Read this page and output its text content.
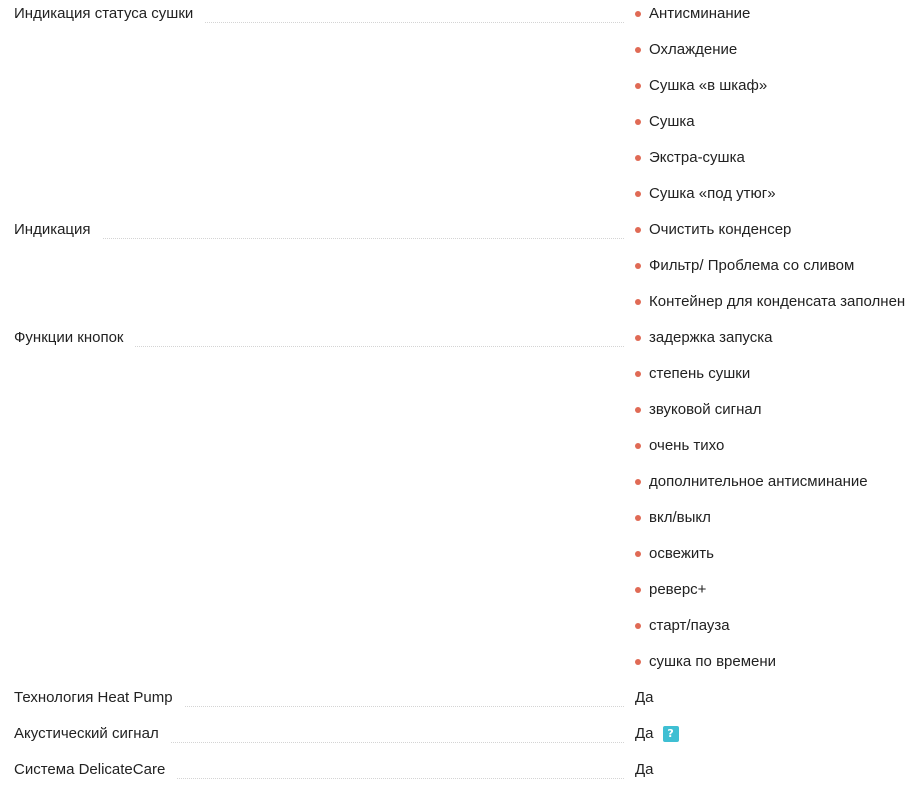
Индикация статуса сушки	Антисминание
Охлаждение
Сушка «в шкаф»
Сушка
Экстра-сушка
Сушка «под утюг»
Индикация	Очистить конденсер
Фильтр/ Проблема со сливом
Контейнер для конденсата заполнен
Функции кнопок	задержка запуска
степень сушки
звуковой сигнал
очень тихо
дополнительное антисминание
вкл/выкл
освежить
реверс+
старт/пауза
сушка по времени
Технология Heat Pump	Да
Акустический сигнал	Да	?
Система DelicateCare	Да
